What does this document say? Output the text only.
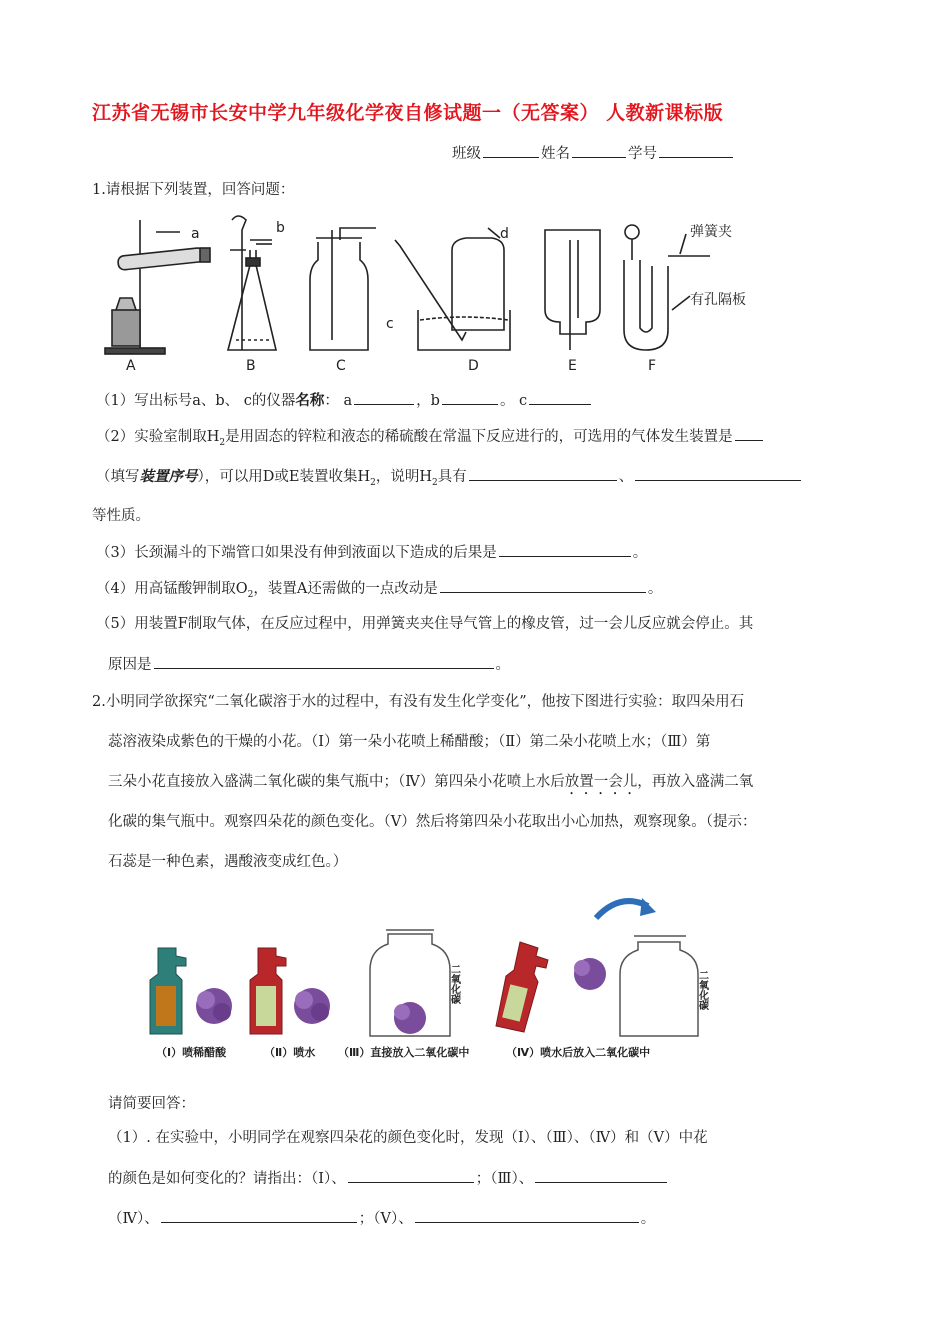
江苏省无锡市长安中学九年级化学夜自修试题一（无答案） 人教新课标版
班级	姓名	学号
1.请根据下列装置，回答问题：
a	b
c
d	弹簧夹
有孔隔板
A	B	C	D	E	F
（1）写出标号a、b、 c的仪器名称： a	，b	。 c
（2）实验室制取$H_2$是用固态的锌粒和液态的稀硫酸在常温下反应进行的，可选用的气体发生装置是
（填写装置序号），可以用D或E装置收集$H_2$，说明$H_2$具有	、
等性质。
（3）长颈漏斗的下端管口如果没有伸到液面以下造成的后果是	。
（4）用高锰酸钾制取$O_2$，装置A还需做的一点改动是	。
（5）用装置F制取气体，在反应过程中，用弹簧夹夹住导气管上的橡皮管，过一会儿反应就会停止。其
原因是	。
2.小明同学欲探究“二氧化碳溶于水的过程中，有没有发生化学变化”，他按下图进行实验：取四朵用石
蕊溶液染成紫色的干燥的小花。（Ⅰ）第一朵小花喷上稀醋酸；（Ⅱ）第二朵小花喷上水；（Ⅲ）第
三朵小花直接放入盛满二氧化碳的集气瓶中；（Ⅳ）第四朵小花喷上水后放置一会儿，再放入盛满二氧
化碳的集气瓶中。观察四朵花的颜色变化。（Ⅴ）然后将第四朵小花取出小心加热，观察现象。（提示：
石蕊是一种色素，遇酸液变成红色。）
二氧化碳	二氧化碳
（Ⅰ）喷稀醋酸	（Ⅱ）喷水 （Ⅲ）直接放入二氧化碳中	（Ⅳ）喷水后放入二氧化碳中
请简要回答：
（1）. 在实验中，小明同学在观察四朵花的颜色变化时，发现（Ⅰ）、（Ⅲ）、（Ⅳ）和（Ⅴ）中花
的颜色是如何变化的？请指出：（Ⅰ）、	；（Ⅲ）、
（Ⅳ）、	；（Ⅴ）、	。
